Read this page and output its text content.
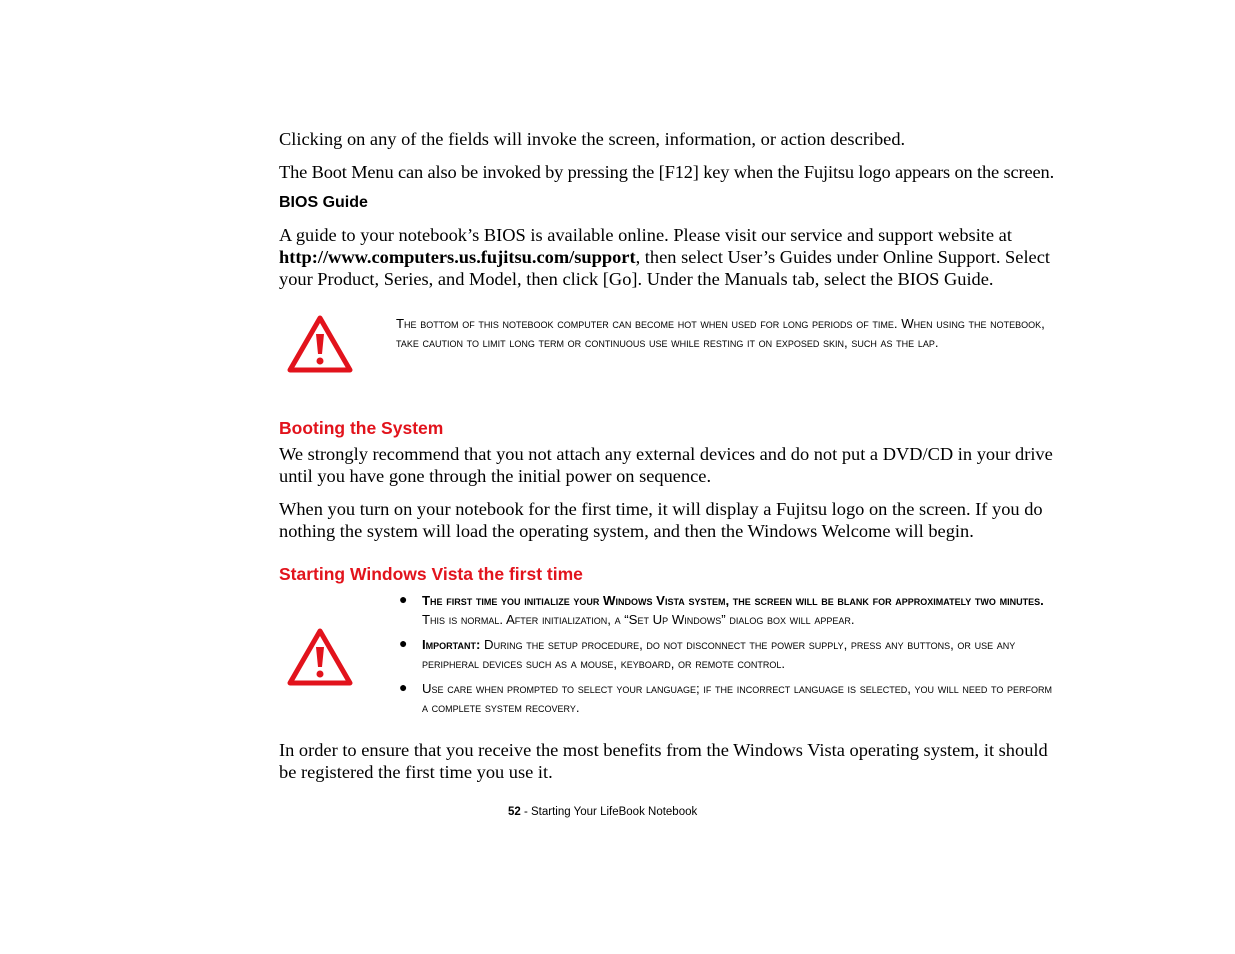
Clicking on any of the fields will invoke the screen, information, or action described.

The Boot Menu can also be invoked by pressing the [F12] key when the Fujitsu logo appears on the screen.

BIOS Guide

A guide to your notebook’s BIOS is available online. Please visit our service and support website at http://www.computers.us.fujitsu.com/support, then select User’s Guides under Online Support. Select your Product, Series, and Model, then click [Go]. Under the Manuals tab, select the BIOS Guide.

The bottom of this notebook computer can become hot when used for long periods of time. When using the notebook, take caution to limit long term or continuous use while resting it on exposed skin, such as the lap.

Booting the System

We strongly recommend that you not attach any external devices and do not put a DVD/CD in your drive until you have gone through the initial power on sequence.

When you turn on your notebook for the first time, it will display a Fujitsu logo on the screen. If you do nothing the system will load the operating system, and then the Windows Welcome will begin.

Starting Windows Vista the first time

● The first time you initialize your Windows Vista system, the screen will be blank for approximately two minutes. This is normal. After initialization, a “Set Up Windows” dialog box will appear.
● Important: During the setup procedure, do not disconnect the power supply, press any buttons, or use any peripheral devices such as a mouse, keyboard, or remote control.
● Use care when prompted to select your language; if the incorrect language is selected, you will need to perform a complete system recovery.

In order to ensure that you receive the most benefits from the Windows Vista operating system, it should be registered the first time you use it.

52 - Starting Your LifeBook Notebook
